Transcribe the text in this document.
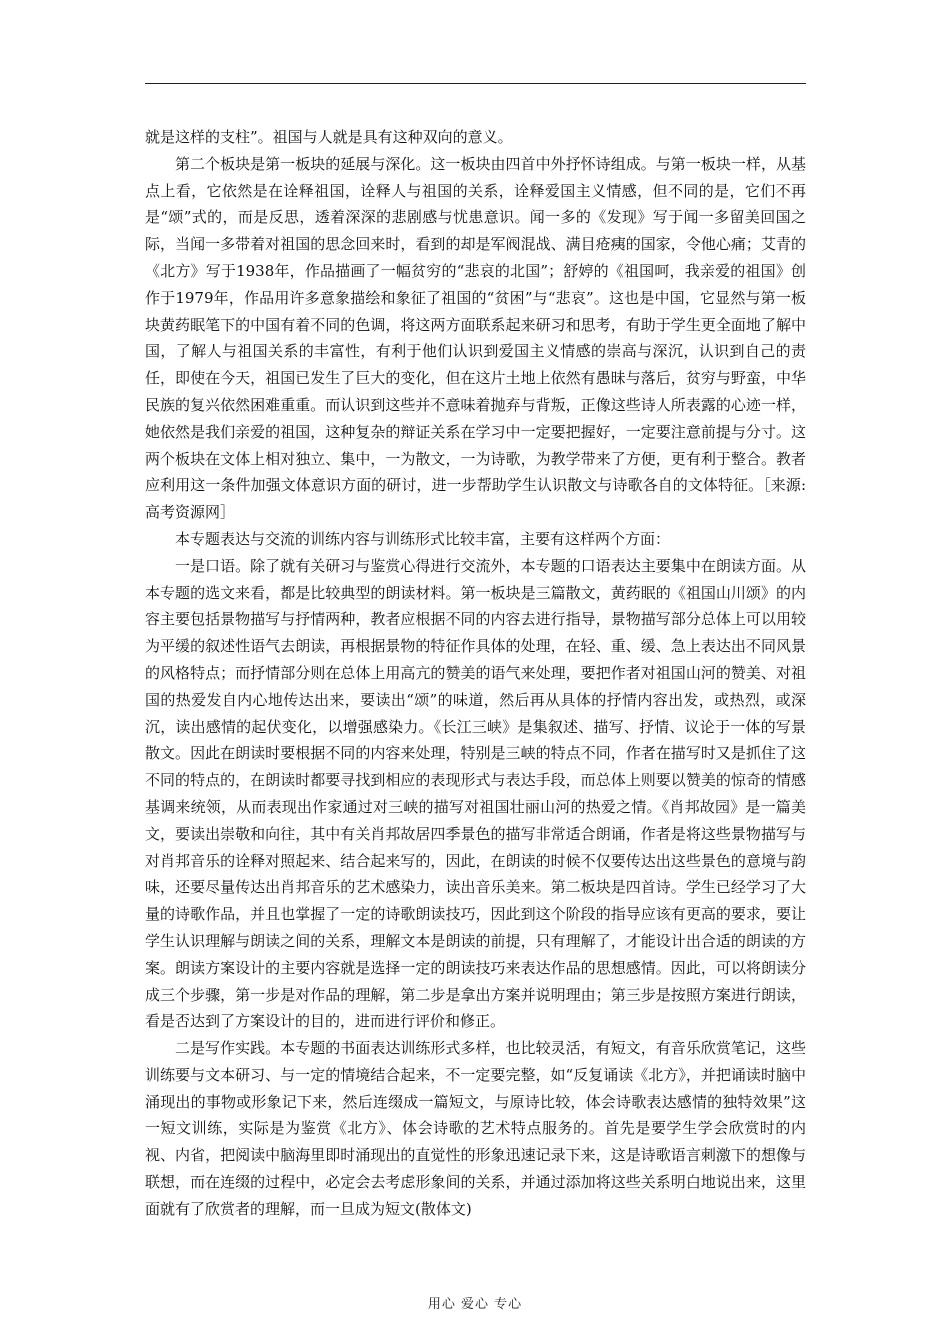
就是这样的支柱”。祖国与人就是具有这种双向的意义。

第二个板块是第一板块的延展与深化。这一板块由四首中外抒怀诗组成。与第一板块一样，从基点上看，它依然是在诠释祖国，诠释人与祖国的关系，诠释爱国主义情感，但不同的是，它们不再是“颂”式的，而是反思，透着深深的悲剧感与忧患意识。闻一多的《发现》写于闻一多留美回国之际，当闻一多带着对祖国的思念回来时，看到的却是军阀混战、满目疮痍的国家，令他心痛；艾青的《北方》写于1938年，作品描画了一幅贫穷的“悲哀的北国”；舒婷的《祖国呵，我亲爱的祖国》创作于1979年，作品用许多意象描绘和象征了祖国的“贫困”与“悲哀”。这也是中国，它显然与第一板块黄药眠笔下的中国有着不同的色调，将这两方面联系起来研习和思考，有助于学生更全面地了解中国，了解人与祖国关系的丰富性，有利于他们认识到爱国主义情感的崇高与深沉，认识到自己的责任，即使在今天，祖国已发生了巨大的变化，但在这片土地上依然有愚昧与落后，贫穷与野蛮，中华民族的复兴依然困难重重。而认识到这些并不意味着抛弃与背叛，正像这些诗人所表露的心迹一样，她依然是我们亲爱的祖国，这种复杂的辩证关系在学习中一定要把握好，一定要注意前提与分寸。这两个板块在文体上相对独立、集中，一为散文，一为诗歌，为教学带来了方便，更有利于整合。教者应利用这一条件加强文体意识方面的研讨，进一步帮助学生认识散文与诗歌各自的文体特征。［来源:高考资源网］

本专题表达与交流的训练内容与训练形式比较丰富，主要有这样两个方面：

一是口语。除了就有关研习与鉴赏心得进行交流外，本专题的口语表达主要集中在朗读方面。从本专题的选文来看，都是比较典型的朗读材料。第一板块是三篇散文，黄药眠的《祖国山川颂》的内容主要包括景物描写与抒情两种，教者应根据不同的内容去进行指导，景物描写部分总体上可以用较为平缓的叙述性语气去朗读，再根据景物的特征作具体的处理，在轻、重、缓、急上表达出不同风景的风格特点；而抒情部分则在总体上用高亢的赞美的语气来处理，要把作者对祖国山河的赞美、对祖国的热爱发自内心地传达出来，要读出“颂”的味道，然后再从具体的抒情内容出发，或热烈，或深沉，读出感情的起伏变化，以增强感染力。《长江三峡》是集叙述、描写、抒情、议论于一体的写景散文。因此在朗读时要根据不同的内容来处理，特别是三峡的特点不同，作者在描写时又是抓住了这不同的特点的，在朗读时都要寻找到相应的表现形式与表达手段，而总体上则要以赞美的惊奇的情感基调来统领，从而表现出作家通过对三峡的描写对祖国壮丽山河的热爱之情。《肖邦故园》是一篇美文，要读出崇敬和向往，其中有关肖邦故居四季景色的描写非常适合朗诵，作者是将这些景物描写与对肖邦音乐的诠释对照起来、结合起来写的，因此，在朗读的时候不仅要传达出这些景色的意境与韵味，还要尽量传达出肖邦音乐的艺术感染力，读出音乐美来。第二板块是四首诗。学生已经学习了大量的诗歌作品，并且也掌握了一定的诗歌朗读技巧，因此到这个阶段的指导应该有更高的要求，要让学生认识理解与朗读之间的关系，理解文本是朗读的前提，只有理解了，才能设计出合适的朗读的方案。朗读方案设计的主要内容就是选择一定的朗读技巧来表达作品的思想感情。因此，可以将朗读分成三个步骤，第一步是对作品的理解，第二步是拿出方案并说明理由；第三步是按照方案进行朗读，看是否达到了方案设计的目的，进而进行评价和修正。

二是写作实践。本专题的书面表达训练形式多样，也比较灵活，有短文，有音乐欣赏笔记，这些训练要与文本研习、与一定的情境结合起来，不一定要完整，如“反复诵读《北方》，并把诵读时脑中涌现出的事物或形象记下来，然后连缀成一篇短文，与原诗比较，体会诗歌表达感情的独特效果”这一短文训练，实际是为鉴赏《北方》、体会诗歌的艺术特点服务的。首先是要学生学会欣赏时的内视、内省，把阅读中脑海里即时涌现出的直觉性的形象迅速记录下来，这是诗歌语言刺激下的想像与联想，而在连缀的过程中，必定会去考虑形象间的关系，并通过添加将这些关系明白地说出来，这里面就有了欣赏者的理解，而一旦成为短文(散体文)

用心 爱心 专心
